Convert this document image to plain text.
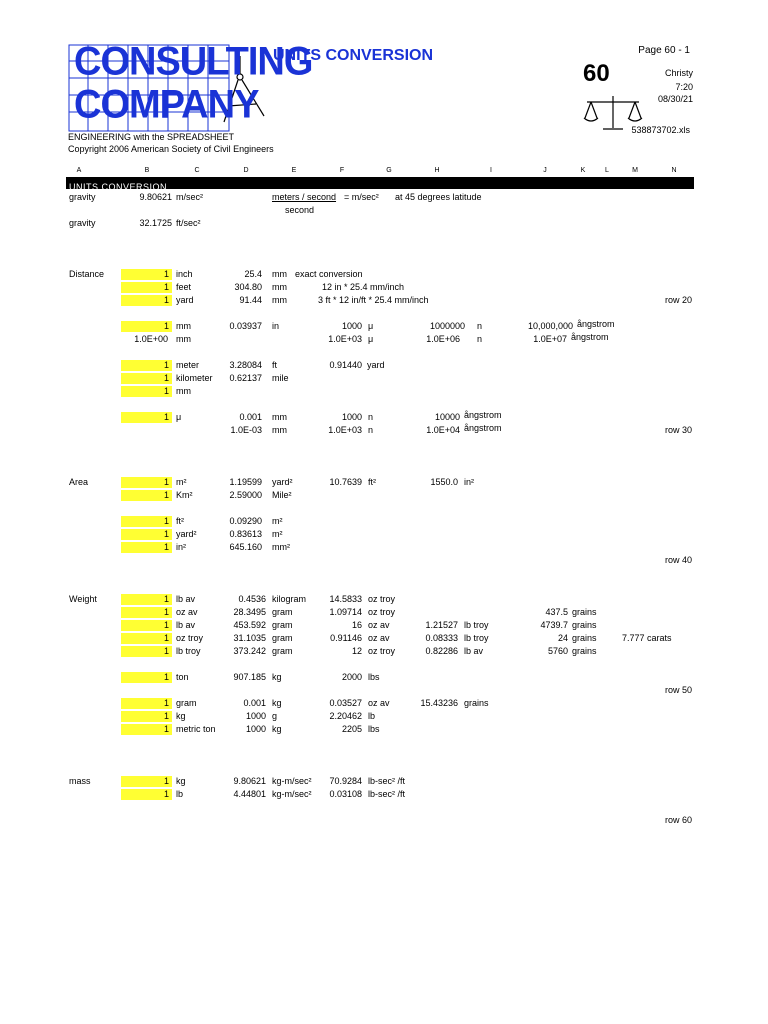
CONSULTING
COMPANY
UNITS CONVERSION	Page 60 - 1
60	Christy
7:20
08/30/21
538873702.xls
ENGINEERING with the SPREADSHEET
Copyright 2006 American Society of Civil Engineers
A	B	C	D	E	F	G	H	I	J	K	L	M	N
UNITS CONVERSION
gravity	9.80621 m/sec²	meters / second = m/sec² at 45 degrees latitude
second
gravity	32.1725 ft/sec²
Distance	1 inch	25.4 mm exact conversion
1 feet	304.80 mm	12 in * 25.4 mm/inch
1 yard	91.44 mm	3 ft * 12 in/ft * 25.4 mm/inch	row 20
1 mm	0.03937 in	1000 μ	1000000 n	10,000,000 ångstrom
1.0E+00 mm	1.0E+03 μ	1.0E+06 n	1.0E+07 ångstrom
1 meter	3.28084 ft	0.91440 yard
1 kilometer	0.62137 mile
1 mm
1 μ	0.001 mm	1000 n	10000 ångstrom
1.0E-03 mm	1.0E+03 n	1.0E+04 ångstrom	row 30
Area	1 m²	1.19599 yard²	10.7639 ft²	1550.0 in²
1 Km²	2.59000 Mile²
1 ft²	0.09290 m²
1 yard²	0.83613 m²
1 in²	645.160 mm²
row 40
Weight	1 lb av	0.4536 kilogram	14.5833 oz troy
1 oz av	28.3495 gram	1.09714 oz troy	437.5 grains
1 lb av	453.592 gram	16 oz av	1.21527 lb troy	4739.7 grains
1 oz troy	31.1035 gram	0.91146 oz av	0.08333 lb troy	24 grains
1 lb troy	373.242 gram	12 oz troy	0.82286 lb av	5760 grains
7.777 carats
1 ton	907.185 kg	2000 lbs
row 50
1 gram	0.001 kg	0.03527 oz av	15.43236 grains
1 kg	1000 g	2.20462 lb
1 metric ton	1000 kg	2205 lbs
mass	1 kg	9.80621 kg-m/sec²	70.9284 lb-sec² /ft
1 lb	4.44801 kg-m/sec²	0.03108 lb-sec² /ft
row 60
